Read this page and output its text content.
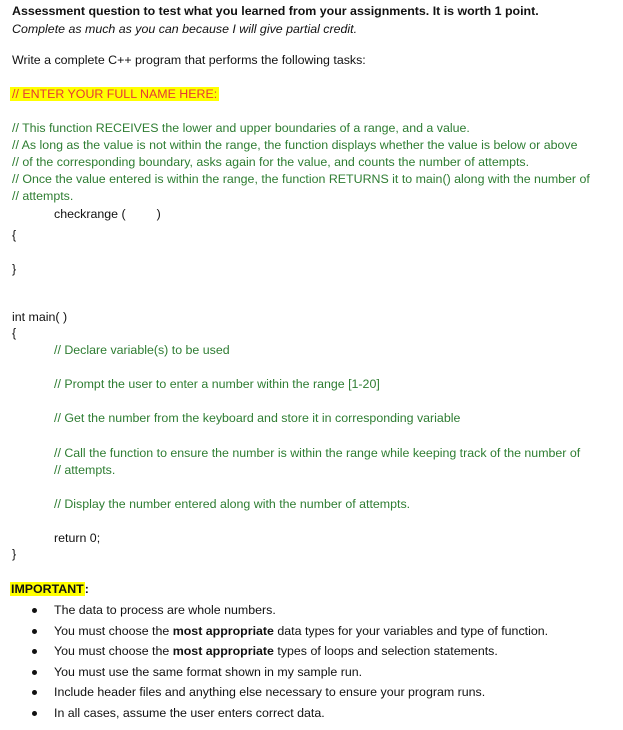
Assessment question to test what you learned from your assignments. It is worth 1 point.
Complete as much as you can because I will give partial credit.
Write a complete C++ program that performs the following tasks:
// ENTER YOUR FULL NAME HERE:
// This function RECEIVES the lower and upper boundaries of a range, and a value.
// As long as the value is not within the range, the function displays whether the value is below or above
// of the corresponding boundary, asks again for the value, and counts the number of attempts.
// Once the value entered is within the range, the function RETURNS it to main() along with the number of
// attempts.
checkrange (         )
{
}
int main( )
{
// Declare variable(s) to be used
// Prompt the user to enter a number within the range [1-20]
// Get the number from the keyboard and store it in corresponding variable
// Call the function to ensure the number is within the range while keeping track of the number of
// attempts.
// Display the number entered along with the number of attempts.
return 0;
}
IMPORTANT:
The data to process are whole numbers.
You must choose the most appropriate data types for your variables and type of function.
You must choose the most appropriate types of loops and selection statements.
You must use the same format shown in my sample run.
Include header files and anything else necessary to ensure your program runs.
In all cases, assume the user enters correct data.
